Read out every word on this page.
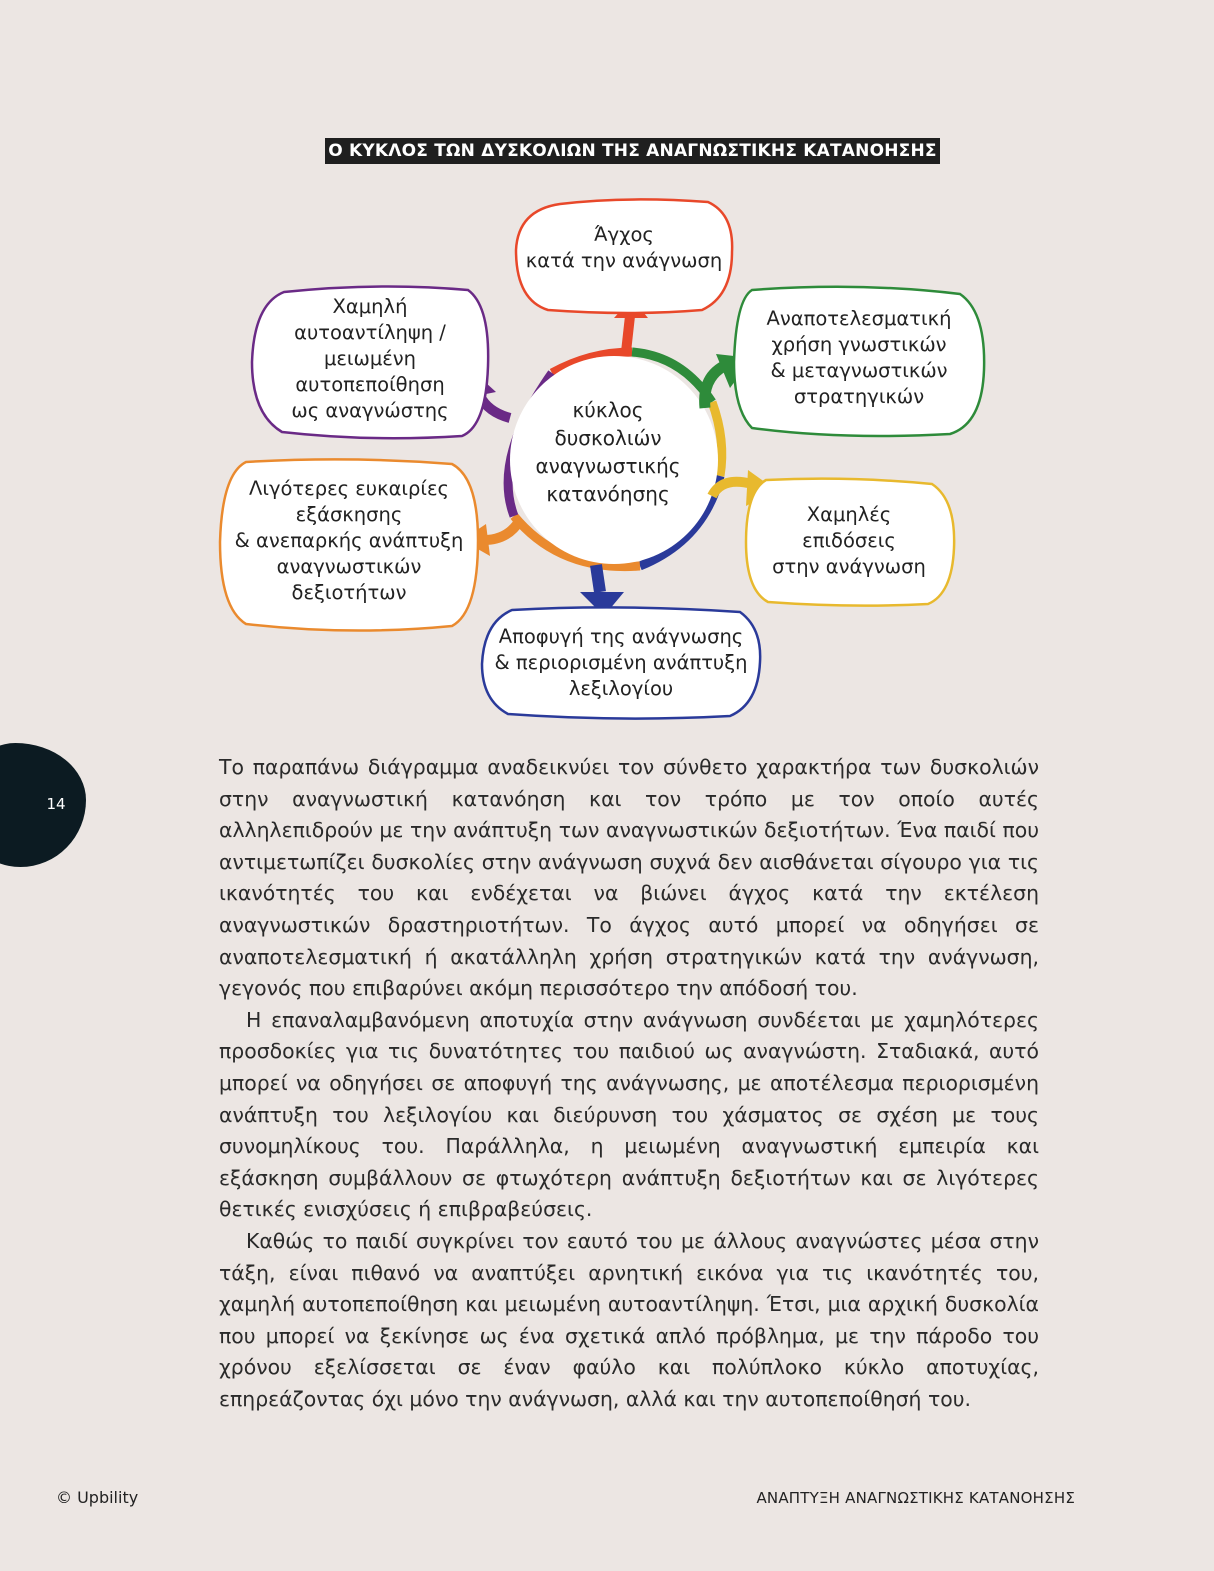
Ο ΚΥΚΛΟΣ ΤΩΝ ΔΥΣΚΟΛΙΩΝ ΤΗΣ ΑΝΑΓΝΩΣΤΙΚΗΣ ΚΑΤΑΝΟΗΣΗΣ
κύκλος
δυσκολιών
αναγνωστικής
κατανόησης
Άγχος
κατά την ανάγνωση
Αναποτελεσματική
χρήση γνωστικών
& μεταγνωστικών
στρατηγικών
Χαμηλές
επιδόσεις
στην ανάγνωση
Αποφυγή της ανάγνωσης
& περιορισμένη ανάπτυξη
λεξιλογίου
Λιγότερες ευκαιρίες
εξάσκησης
& ανεπαρκής ανάπτυξη
αναγνωστικών
δεξιοτήτων
Χαμηλή
αυτοαντίληψη /
μειωμένη
αυτοπεποίθηση
ως αναγνώστης

Το παραπάνω διάγραμμα αναδεικνύει τον σύνθετο χαρακτήρα των δυσκολιών στην αναγνωστική κατανόηση και τον τρόπο με τον οποίο αυτές αλληλεπιδρούν με την ανάπτυξη των αναγνωστικών δεξιοτήτων. Ένα παιδί που αντιμετωπίζει δυσκολίες στην ανάγνωση συχνά δεν αισθάνεται σίγουρο για τις ικανότητές του και ενδέχεται να βιώνει άγχος κατά την εκτέλεση αναγνωστικών δραστηριοτήτων. Το άγχος αυτό μπορεί να οδηγήσει σε αναποτελεσματική ή ακατάλληλη χρήση στρατηγικών κατά την ανάγνωση, γεγονός που επιβαρύνει ακόμη περισσότερο την απόδοσή του.

Η επαναλαμβανόμενη αποτυχία στην ανάγνωση συνδέεται με χαμηλότερες προσδοκίες για τις δυνατότητες του παιδιού ως αναγνώστη. Σταδιακά, αυτό μπορεί να οδηγήσει σε αποφυγή της ανάγνωσης, με αποτέλεσμα περιορισμένη ανάπτυξη του λεξιλογίου και διεύρυνση του χάσματος σε σχέση με τους συνομηλίκους του. Παράλληλα, η μειωμένη αναγνωστική εμπειρία και εξάσκηση συμβάλλουν σε φτωχότερη ανάπτυξη δεξιοτήτων και σε λιγότερες θετικές ενισχύσεις ή επιβραβεύσεις.

Καθώς το παιδί συγκρίνει τον εαυτό του με άλλους αναγνώστες μέσα στην τάξη, είναι πιθανό να αναπτύξει αρνητική εικόνα για τις ικανότητές του, χαμηλή αυτοπεποίθηση και μειωμένη αυτοαντίληψη. Έτσι, μια αρχική δυσκολία που μπορεί να ξεκίνησε ως ένα σχετικά απλό πρόβλημα, με την πάροδο του χρόνου εξελίσσεται σε έναν φαύλο και πολύπλοκο κύκλο αποτυχίας, επηρεάζοντας όχι μόνο την ανάγνωση, αλλά και την αυτοπεποίθησή του.

14
© Upbility	ΑΝΑΠΤΥΞΗ ΑΝΑΓΝΩΣΤΙΚΗΣ ΚΑΤΑΝΟΗΣΗΣ
